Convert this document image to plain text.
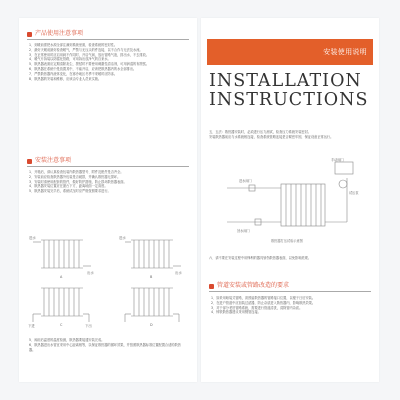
产品使用注意事项
1、到暖前需把水源全部注满到系统里面，检查系统的密封性。
2、最好天暖前最好检查暖气，严禁与无压头的件连接，以不合作与无法及水流。
3、在正常使用时应启用阀不作同时，开启气阀，放出管路气泡，排出水，不去排放。
4、暖气片拆装以防腐化管路，可用拆出放净气的自来水。
5、散热器表面应定期清除灰尘，擦拭时不要使用刺激性清洁剂，可用润湿的布擦拭。
6、散热器在系统中是放置其中，不能开启，应该把散热器内的水全部排出。
7、严禁散热器内液体变化，在寒冷地区冬季不采暖时应防冻。
8、散热器的安装和维修，应该由专业人员来实施。
安装注意事项
1、开箱后，请认真检查包装内散热器型号、附件及配件是否齐全。
2、安装前应检查散热器外包装是否破损，并确认散热器无损坏。
3、安装时请使用配套的管件，做好防护措施，防止损坏散热器表面。
4、散热器安装位置应在窗台下方，距离地面一定高度。
5、散热器安装完毕后，系统试压时应严格按照要求进行。
进水
出水
进水
出水
下进	下出
A	B
C	D
5、阀前后温度的温度检测，散热器要接通安装完成。
6、散热器进出水管宜采用中心距离相等，以保证散热器的循环效果，并按照散热器标准位置配置合适的散热器。
安装使用说明
INSTALLATION
INSTRUCTIONS
五、五法：散热器安装时，必须进行压力测试，检查压力系统安装密封。
安装散热器前应与水系统相连接，检查系统管路连接是否紧密牢固，保证设备正常运行。
手动阀门
进水阀门
回水阀门
试压泵
散热器打压试验示意图
六、请不要在安装过程中用锋利的器具划伤散热器表面，以免影响美观。
管道安装或管路改造的要求
1、如采用暗装式管路，须预留散热器的管路接口位置，以便于日后安装。
2、在进户管道中应加装过滤器，防止杂质进入散热器内，影响散热效果。
3、对于部分老旧管路系统，需要进行管道清洗，清除管内杂质。
4、铸铁散热器建议采用钢管连接。
